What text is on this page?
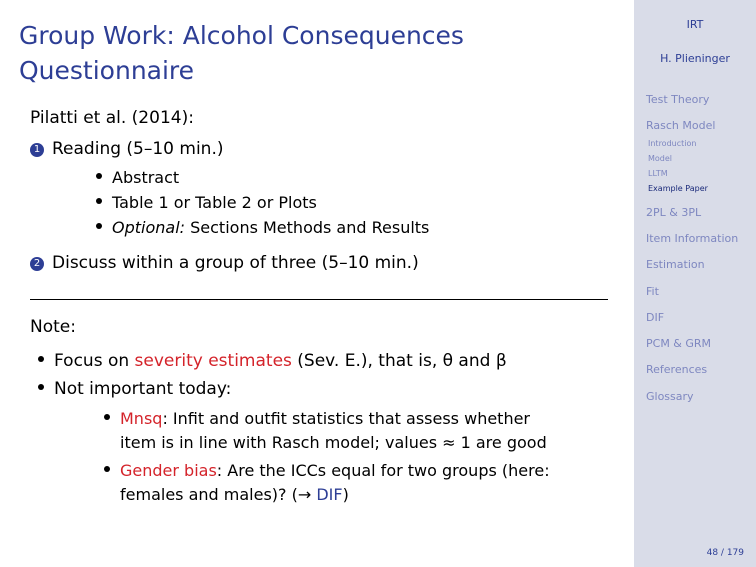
Group Work: Alcohol Consequences
Questionnaire
Pilatti et al. (2014):
1 Reading (5–10 min.)
Abstract
Table 1 or Table 2 or Plots
Optional: Sections Methods and Results
2 Discuss within a group of three (5–10 min.)
Note:
Focus on severity estimates (Sev. E.), that is, θ and β
Not important today:
Mnsq: Infit and outfit statistics that assess whether
item is in line with Rasch model; values ≈ 1 are good
Gender bias: Are the ICCs equal for two groups (here:
females and males)? (→ DIF)
IRT
H. Plieninger
Test Theory
Rasch Model
Introduction
Model
LLTM
Example Paper
2PL & 3PL
Item Information
Estimation
Fit
DIF
PCM & GRM
References
Glossary
48 / 179
